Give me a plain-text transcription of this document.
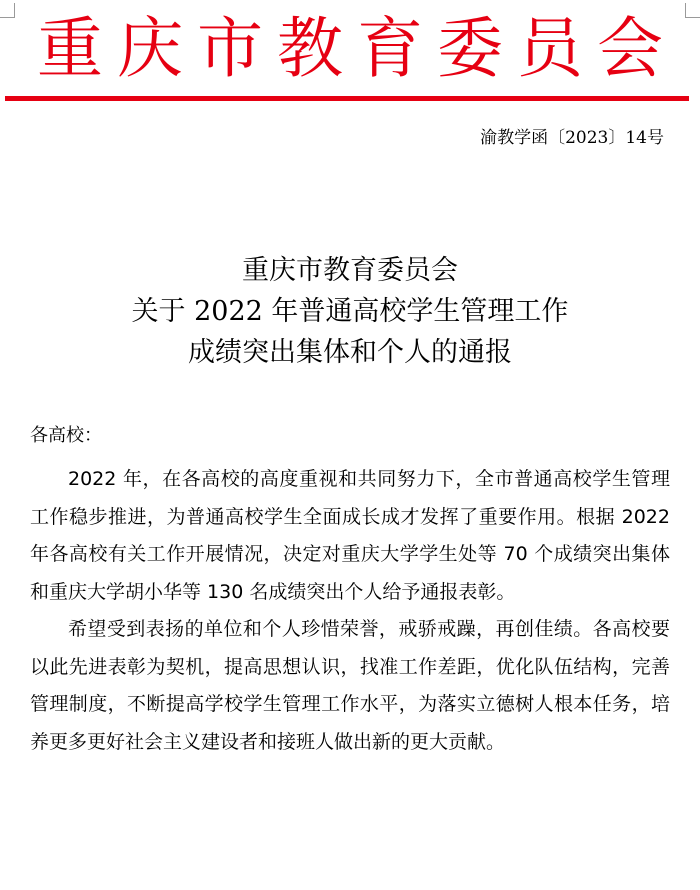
重庆市教育委员会
渝教学函〔2023〕14号
重庆市教育委员会
关于 2022 年普通高校学生管理工作
成绩突出集体和个人的通报
各高校：

2022 年，在各高校的高度重视和共同努力下，全市普通高校学生管理工作稳步推进，为普通高校学生全面成长成才发挥了重要作用。根据 2022 年各高校有关工作开展情况，决定对重庆大学学生处等 70 个成绩突出集体和重庆大学胡小华等 130 名成绩突出个人给予通报表彰。

希望受到表扬的单位和个人珍惜荣誉，戒骄戒躁，再创佳绩。各高校要以此先进表彰为契机，提高思想认识，找准工作差距，优化队伍结构，完善管理制度，不断提高学校学生管理工作水平，为落实立德树人根本任务，培养更多更好社会主义建设者和接班人做出新的更大贡献。
